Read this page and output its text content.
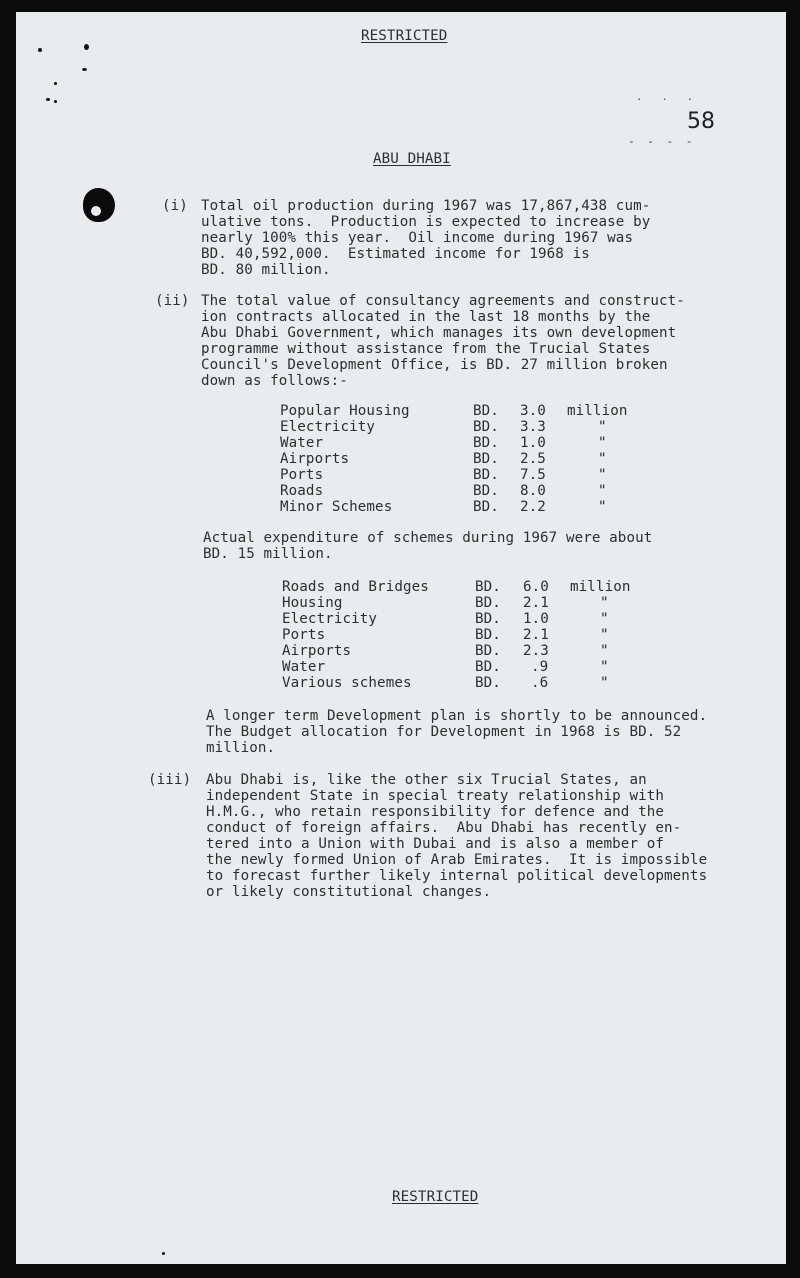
. . .
- - - -
RESTRICTED
58
ABU DHABI
(i) Total oil production during 1967 was 17,867,438 cum-
ulative tons.  Production is expected to increase by
nearly 100% this year.  Oil income during 1967 was
BD. 40,592,000.  Estimated income for 1968 is
BD. 80 million.
(ii) The total value of consultancy agreements and construct-
ion contracts allocated in the last 18 months by the
Abu Dhabi Government, which manages its own development
programme without assistance from the Trucial States
Council's Development Office, is BD. 27 million broken
down as follows:-
Popular Housing	BD. 3.0 million
Electricity	BD. 3.3	"
Water	BD. 1.0	"
Airports	BD. 2.5	"
Ports	BD. 7.5	"
Roads	BD. 8.0	"
Minor Schemes	BD. 2.2	"
Actual expenditure of schemes during 1967 were about
BD. 15 million.
Roads and Bridges	BD. 6.0 million
Housing	BD. 2.1	"
Electricity	BD. 1.0	"
Ports	BD. 2.1	"
Airports	BD. 2.3	"
Water	BD. .9	"
Various schemes	BD. .6	"
A longer term Development plan is shortly to be announced.
The Budget allocation for Development in 1968 is BD. 52
million.
(iii) Abu Dhabi is, like the other six Trucial States, an
independent State in special treaty relationship with
H.M.G., who retain responsibility for defence and the
conduct of foreign affairs.  Abu Dhabi has recently en-
tered into a Union with Dubai and is also a member of
the newly formed Union of Arab Emirates.  It is impossible
to forecast further likely internal political developments
or likely constitutional changes.
RESTRICTED
